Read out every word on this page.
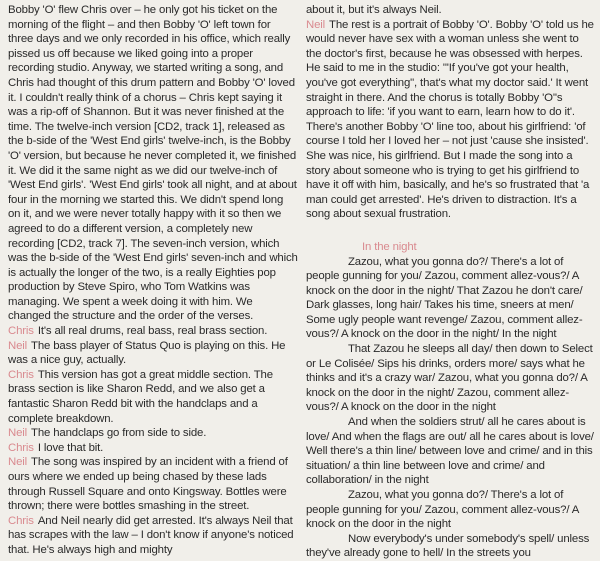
Bobby 'O' flew Chris over – he only got his ticket on the morning of the flight – and then Bobby 'O' left town for three days and we only recorded in his office, which really pissed us off because we liked going into a proper recording studio. Anyway, we started writing a song, and Chris had thought of this drum pattern and Bobby 'O' loved it. I couldn't really think of a chorus – Chris kept saying it was a rip-off of Shannon. But it was never finished at the time. The twelve-inch version [CD2, track 1], released as the b-side of the 'West End girls' twelve-inch, is the Bobby 'O' version, but because he never completed it, we finished it. We did it the same night as we did our twelve-inch of 'West End girls'. 'West End girls' took all night, and at about four in the morning we started this. We didn't spend long on it, and we were never totally happy with it so then we agreed to do a different version, a completely new recording [CD2, track 7]. The seven-inch version, which was the b-side of the 'West End girls' seven-inch and which is actually the longer of the two, is a really Eighties pop production by Steve Spiro, who Tom Watkins was managing. We spent a week doing it with him. We changed the structure and the order of the verses.

Chris It's all real drums, real bass, real brass section.

Neil The bass player of Status Quo is playing on this. He was a nice guy, actually.

Chris This version has got a great middle section. The brass section is like Sharon Redd, and we also get a fantastic Sharon Redd bit with the handclaps and a complete breakdown.

Neil The handclaps go from side to side.

Chris I love that bit.

Neil The song was inspired by an incident with a friend of ours where we ended up being chased by these lads through Russell Square and onto Kingsway. Bottles were thrown; there were bottles smashing in the street.

Chris And Neil nearly did get arrested. It's always Neil that has scrapes with the law – I don't know if anyone's noticed that. He's always high and mighty

about it, but it's always Neil.

Neil The rest is a portrait of Bobby 'O'. Bobby 'O' told us he would never have sex with a woman unless she went to the doctor's first, because he was obsessed with herpes. He said to me in the studio: "'If you've got your health, you've got everything", that's what my doctor said.' It went straight in there. And the chorus is totally Bobby 'O''s approach to life: 'if you want to earn, learn how to do it'. There's another Bobby 'O' line too, about his girlfriend: 'of course I told her I loved her – not just 'cause she insisted'. She was nice, his girlfriend. But I made the song into a story about someone who is trying to get his girlfriend to have it off with him, basically, and he's so frustrated that 'a man could get arrested'. He's driven to distraction. It's a song about sexual frustration.

In the night

Zazou, what you gonna do?/ There's a lot of people gunning for you/ Zazou, comment allez-vous?/ A knock on the door in the night/ That Zazou he don't care/ Dark glasses, long hair/ Takes his time, sneers at men/ Some ugly people want revenge/ Zazou, comment allez-vous?/ A knock on the door in the night/ In the night

That Zazou he sleeps all day/ then down to Select or Le Colisée/ Sips his drinks, orders more/ says what he thinks and it's a crazy war/ Zazou, what you gonna do?/ A knock on the door in the night/ Zazou, comment allez-vous?/ A knock on the door in the night

And when the soldiers strut/ all he cares about is love/ And when the flags are out/ all he cares about is love/ Well there's a thin line/ between love and crime/ and in this situation/ a thin line between love and crime/ and collaboration/ in the night

Zazou, what you gonna do?/ There's a lot of people gunning for you/ Zazou, comment allez-vous?/ A knock on the door in the night

Now everybody's under somebody's spell/ unless they've already gone to hell/ In the streets you
